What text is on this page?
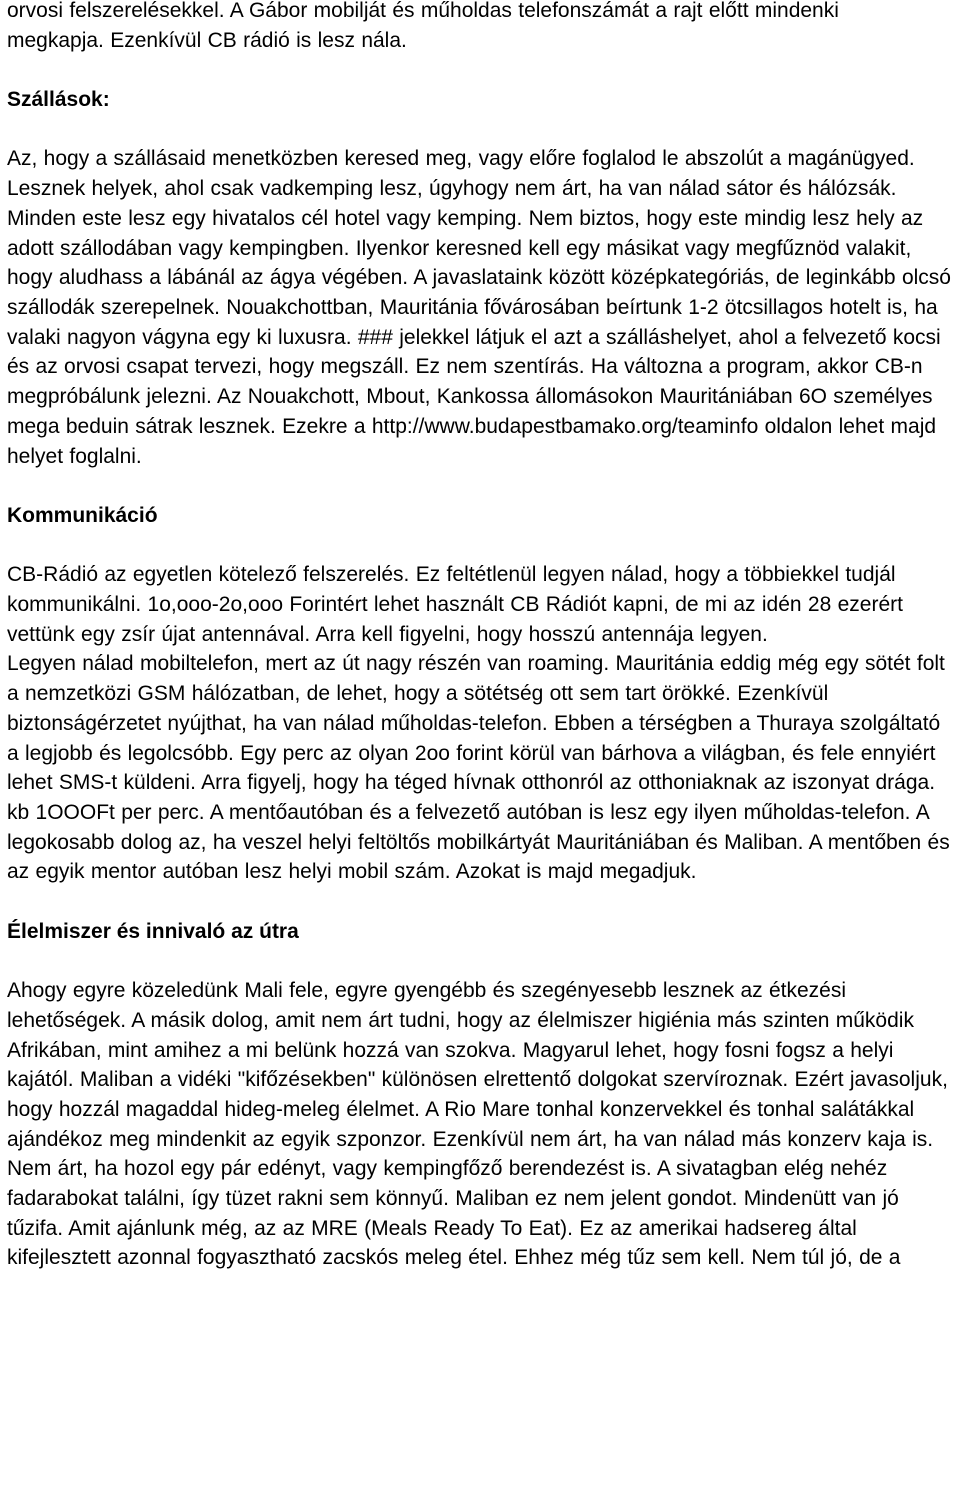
orvosi felszerelésekkel. A Gábor mobilját és műholdas telefonszámát a rajt előtt mindenki megkapja. Ezenkívül CB rádió is lesz nála.

Szállások:

Az, hogy a szállásaid menetközben keresed meg, vagy előre foglalod le abszolút a magánügyed. Lesznek helyek, ahol csak vadkemping lesz, úgyhogy nem árt, ha van nálad sátor és hálózsák. Minden este lesz egy hivatalos cél hotel vagy kemping. Nem biztos, hogy este mindig lesz hely az adott szállodában vagy kempingben. Ilyenkor keresned kell egy másikat vagy megfűznöd valakit, hogy aludhass a lábánál az ágya végében. A javaslataink között középkategóriás, de leginkább olcsó szállodák szerepelnek. Nouakchottban, Mauritánia fővárosában beírtunk 1-2 ötcsillagos hotelt is, ha valaki nagyon vágyna egy ki luxusra. ### jelekkel látjuk el azt a szálláshelyet, ahol a felvezető kocsi és az orvosi csapat tervezi, hogy megszáll. Ez nem szentírás. Ha változna a program, akkor CB-n megpróbálunk jelezni. Az Nouakchott, Mbout, Kankossa állomásokon Mauritániában 6O személyes mega beduin sátrak lesznek. Ezekre a http://www.budapestbamako.org/teaminfo oldalon lehet majd helyet foglalni.

Kommunikáció

CB-Rádió az egyetlen kötelező felszerelés. Ez feltétlenül legyen nálad, hogy a többiekkel tudjál kommunikálni. 1o,ooo-2o,ooo Forintért lehet használt CB Rádiót kapni, de mi az idén 28 ezerért vettünk egy zsír újat antennával. Arra kell figyelni, hogy hosszú antennája legyen.

Legyen nálad mobiltelefon, mert az út nagy részén van roaming. Mauritánia eddig még egy sötét folt a nemzetközi GSM hálózatban, de lehet, hogy a sötétség ott sem tart örökké. Ezenkívül biztonságérzetet nyújthat, ha van nálad műholdas-telefon. Ebben a térségben a Thuraya szolgáltató a legjobb és legolcsóbb. Egy perc az olyan 2oo forint körül van bárhova a világban, és fele ennyiért lehet SMS-t küldeni. Arra figyelj, hogy ha téged hívnak otthonról az otthoniaknak az iszonyat drága. kb 1OOOFt per perc. A mentőautóban és a felvezető autóban is lesz egy ilyen műholdas-telefon. A legokosabb dolog az, ha veszel helyi feltöltős mobilkártyát Mauritániában és Maliban. A mentőben és az egyik mentor autóban lesz helyi mobil szám. Azokat is majd megadjuk.

Élelmiszer és innivaló az útra

Ahogy egyre közeledünk Mali fele, egyre gyengébb és szegényesebb lesznek az étkezési lehetőségek. A másik dolog, amit nem árt tudni, hogy az élelmiszer higiénia más szinten működik Afrikában, mint amihez a mi belünk hozzá van szokva. Magyarul lehet, hogy fosni fogsz a helyi kajától. Maliban a vidéki "kifőzésekben" különösen elrettentő dolgokat szervíroznak. Ezért javasoljuk, hogy hozzál magaddal hideg-meleg élelmet. A Rio Mare tonhal konzervekkel és tonhal salátákkal ajándékoz meg mindenkit az egyik szponzor. Ezenkívül nem árt, ha van nálad más konzerv kaja is. Nem árt, ha hozol egy pár edényt, vagy kempingfőző berendezést is. A sivatagban elég nehéz fadarabokat találni, így tüzet rakni sem könnyű. Maliban ez nem jelent gondot. Mindenütt van jó tűzifa. Amit ajánlunk még, az az MRE (Meals Ready To Eat). Ez az amerikai hadsereg által kifejlesztett azonnal fogyasztható zacskós meleg étel. Ehhez még tűz sem kell. Nem túl jó, de a
